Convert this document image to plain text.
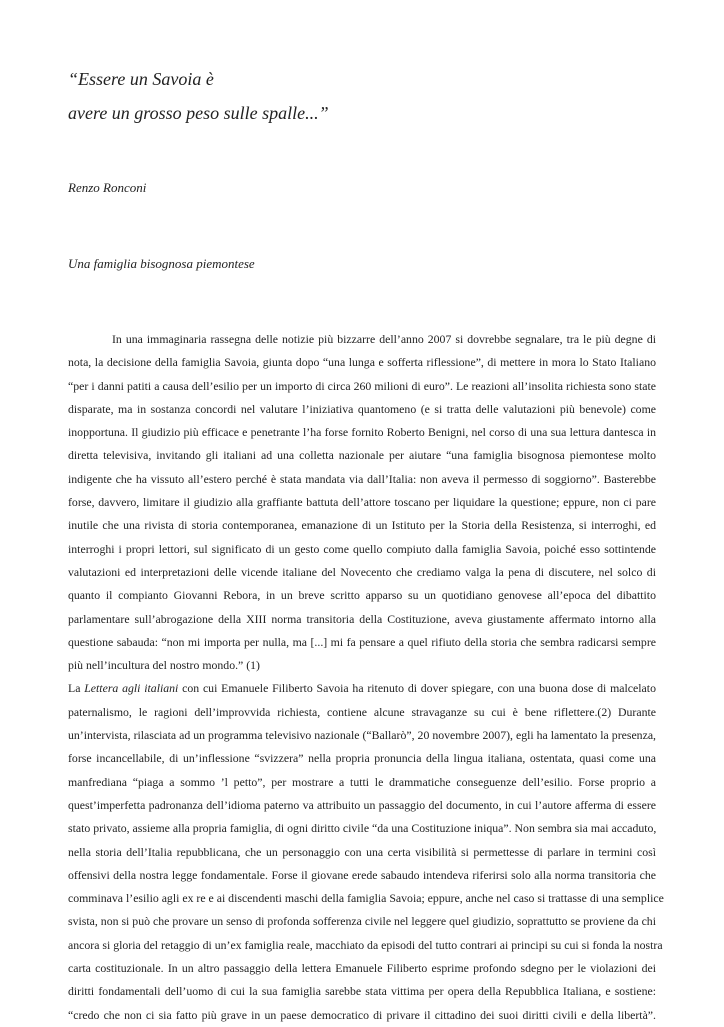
“Essere un Savoia è
avere un grosso peso sulle spalle...”
Renzo Ronconi
Una famiglia bisognosa piemontese
In una immaginaria rassegna delle notizie più bizzarre dell’anno 2007 si dovrebbe segnalare, tra le più degne di
nota, la decisione della famiglia Savoia, giunta dopo “una lunga e sofferta riflessione”, di mettere in mora lo Stato Italiano
“per i danni patiti a causa dell’esilio per un importo di circa 260 milioni di euro”. Le reazioni all’insolita richiesta sono state
disparate, ma in sostanza concordi nel valutare l’iniziativa quantomeno (e si tratta delle valutazioni più benevole) come
inopportuna. Il giudizio più efficace e penetrante l’ha forse fornito Roberto Benigni, nel corso di una sua lettura dantesca in
diretta televisiva, invitando gli italiani ad una colletta nazionale per aiutare “una famiglia bisognosa piemontese molto
indigente che ha vissuto all’estero perché è stata mandata via dall’Italia: non aveva il permesso di soggiorno”. Basterebbe
forse, davvero, limitare il giudizio alla graffiante battuta dell’attore toscano per liquidare la questione; eppure, non ci pare
inutile che una rivista di storia contemporanea, emanazione di un Istituto per la Storia della Resistenza, si interroghi, ed
interroghi i propri lettori, sul significato di un gesto come quello compiuto dalla famiglia Savoia, poiché esso sottintende
valutazioni ed interpretazioni delle vicende italiane del Novecento che crediamo valga la pena di discutere, nel solco di
quanto il compianto Giovanni Rebora, in un breve scritto apparso su un quotidiano genovese all’epoca del dibattito
parlamentare sull’abrogazione della XIII norma transitoria della Costituzione, aveva giustamente affermato intorno alla
questione sabauda: “non mi importa per nulla, ma [...] mi fa pensare a quel rifiuto della storia che sembra radicarsi sempre
più nell’incultura del nostro mondo.” (1)
La Lettera agli italiani con cui Emanuele Filiberto Savoia ha ritenuto di dover spiegare, con una buona dose di malcelato
paternalismo, le ragioni dell’improvvida richiesta, contiene alcune stravaganze su cui è bene riflettere.(2) Durante
un’intervista, rilasciata ad un programma televisivo nazionale (“Ballarò”, 20 novembre 2007), egli ha lamentato la presenza,
forse incancellabile, di un’inflessione “svizzera” nella propria pronuncia della lingua italiana, ostentata, quasi come una
manfrediana “piaga a sommo ’l petto”, per mostrare a tutti le drammatiche conseguenze dell’esilio. Forse proprio a
quest’imperfetta padronanza dell’idioma paterno va attribuito un passaggio del documento, in cui l’autore afferma di essere
stato privato, assieme alla propria famiglia, di ogni diritto civile “da una Costituzione iniqua”. Non sembra sia mai accaduto,
nella storia dell’Italia repubblicana, che un personaggio con una certa visibilità si permettesse di parlare in termini così
offensivi della nostra legge fondamentale. Forse il giovane erede sabaudo intendeva riferirsi solo alla norma transitoria che
comminava l’esilio agli ex re e ai discendenti maschi della famiglia Savoia; eppure, anche nel caso si trattasse di una semplice
svista, non si può che provare un senso di profonda sofferenza civile nel leggere quel giudizio, soprattutto se proviene da chi
ancora si gloria del retaggio di un’ex famiglia reale, macchiato da episodi del tutto contrari ai principi su cui si fonda la nostra
carta costituzionale. In un altro passaggio della lettera Emanuele Filiberto esprime profondo sdegno per le violazioni dei
diritti fondamentali dell’uomo di cui la sua famiglia sarebbe stata vittima per opera della Repubblica Italiana, e sostiene:
“credo che non ci sia fatto più grave in un paese democratico di privare il cittadino dei suoi diritti civili e della libertà”.
